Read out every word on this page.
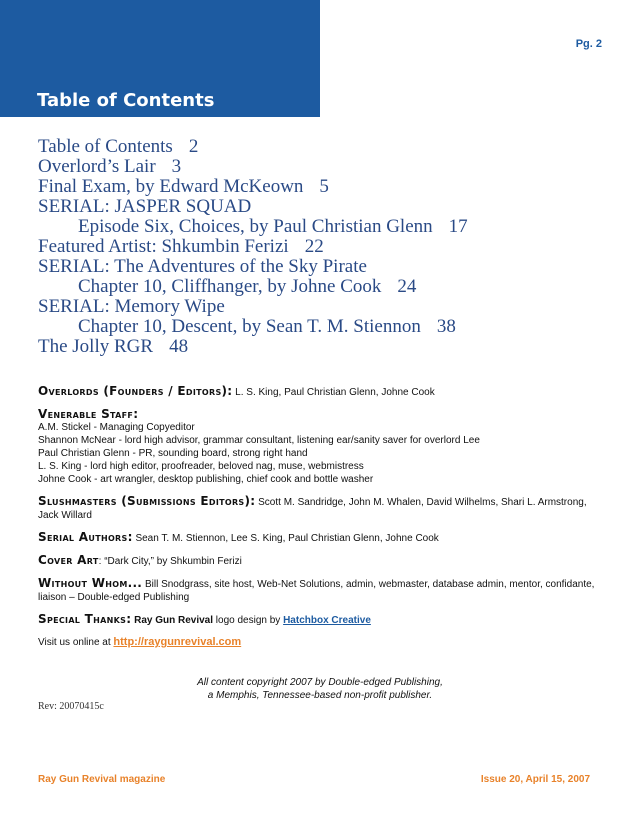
Table of Contents
Pg. 2
Table of Contents 2
Overlord’s Lair 3
Final Exam, by Edward McKeown 5
SERIAL: JASPER SQUAD
Episode Six, Choices, by Paul Christian Glenn 17
Featured Artist: Shkumbin Ferizi 22
SERIAL: The Adventures of the Sky Pirate
Chapter 10, Cliffhanger, by Johne Cook 24
SERIAL: Memory Wipe
Chapter 10, Descent, by Sean T. M. Stiennon 38
The Jolly RGR 48
Overlords (Founders / Editors): L. S. King, Paul Christian Glenn, Johne Cook
Venerable Staff:
A.M. Stickel - Managing Copyeditor
Shannon McNear - lord high advisor, grammar consultant, listening ear/sanity saver for overlord Lee
Paul Christian Glenn - PR, sounding board, strong right hand
L. S. King - lord high editor, proofreader, beloved nag, muse, webmistress
Johne Cook - art wrangler, desktop publishing, chief cook and bottle washer
Slushmasters (Submissions Editors): Scott M. Sandridge, John M. Whalen, David Wilhelms, Shari L. Armstrong, Jack Willard
Serial Authors: Sean T. M. Stiennon, Lee S. King, Paul Christian Glenn, Johne Cook
Cover Art: “Dark City,” by Shkumbin Ferizi
Without Whom... Bill Snodgrass, site host, Web-Net Solutions, admin, webmaster, database admin, mentor, confidante, liaison – Double-edged Publishing
Special Thanks: Ray Gun Revival logo design by Hatchbox Creative
Visit us online at http://raygunrevival.com
All content copyright 2007 by Double-edged Publishing,
a Memphis, Tennessee-based non-profit publisher.
Rev: 20070415c
Ray Gun Revival magazine	Issue 20, April 15, 2007
